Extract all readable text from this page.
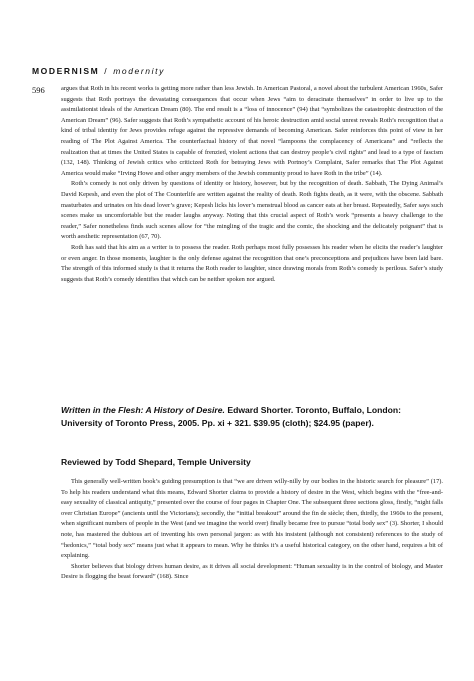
MODERNISM / modernity
596	argues that Roth in his recent works is getting more rather than less Jewish. In American Pastoral, a novel about the turbulent American 1960s, Safer suggests that Roth portrays the devastating consequences that occur when Jews “aim to deracinate themselves” in order to live up to the assimilationist ideals of the American Dream (80). The end result is a “loss of innocence” (94) that “symbolizes the catastrophic destruction of the American Dream” (96). Safer suggests that Roth’s sympathetic account of his heroic destruction amid social unrest reveals Roth’s recognition that a kind of tribal identity for Jews provides refuge against the repressive demands of becoming American. Safer reinforces this point of view in her reading of The Plot Against America. The counterfactual history of that novel “lampoons the complacency of Americans” and “reflects the realization that at times the United States is capable of frenzied, violent actions that can destroy people’s civil rights” and lead to a type of fascism (132, 148). Thinking of Jewish critics who criticized Roth for betraying Jews with Portnoy’s Complaint, Safer remarks that The Plot Against America would make “Irving Howe and other angry members of the Jewish community proud to have Roth in the tribe” (14).

Roth’s comedy is not only driven by questions of identity or history, however, but by the recognition of death. Sabbath, The Dying Animal’s David Kepesh, and even the plot of The Counterlife are written against the reality of death. Roth fights death, as it were, with the obscene. Sabbath masturbates and urinates on his dead lover’s grave; Kepesh licks his lover’s menstrual blood as cancer eats at her breast. Repeatedly, Safer says such scenes make us uncomfortable but the reader laughs anyway. Noting that this crucial aspect of Roth’s work “presents a heavy challenge to the reader,” Safer nonetheless finds such scenes allow for “the mingling of the tragic and the comic, the shocking and the delicately poignant” that is worth aesthetic representation (67, 70).

Roth has said that his aim as a writer is to possess the reader. Roth perhaps most fully possesses his reader when he elicits the reader’s laughter or even anger. In those moments, laughter is the only defense against the recognition that one’s preconceptions and prejudices have been laid bare. The strength of this informed study is that it returns the Roth reader to laughter, since drawing morals from Roth’s comedy is perilous. Safer’s study suggests that Roth’s comedy identifies that which can be neither spoken nor argued.

Written in the Flesh: A History of Desire. Edward Shorter. Toronto, Buffalo, London: University of Toronto Press, 2005. Pp. xi + 321. $39.95 (cloth); $24.95 (paper).
Reviewed by Todd Shepard, Temple University

This generally well-written book’s guiding presumption is that “we are driven willy-nilly by our bodies in the historic search for pleasure” (17). To help his readers understand what this means, Edward Shorter claims to provide a history of desire in the West, which begins with the “free-and-easy sexuality of classical antiquity,” presented over the course of four pages in Chapter One. The subsequent three sections gloss, firstly, “night falls over Christian Europe” (ancients until the Victorians); secondly, the “initial breakout” around the fin de siècle; then, thirdly, the 1960s to the present, when significant numbers of people in the West (and we imagine the world over) finally became free to pursue “total body sex” (3). Shorter, I should note, has mastered the dubious art of inventing his own personal jargon: as with his insistent (although not consistent) references to the study of “hedonics,” “total body sex” means just what it appears to mean. Why he thinks it’s a useful historical category, on the other hand, requires a bit of explaining.

Shorter believes that biology drives human desire, as it drives all social development: “Human sexuality is in the control of biology, and Master Desire is flogging the beast forward” (168). Since
